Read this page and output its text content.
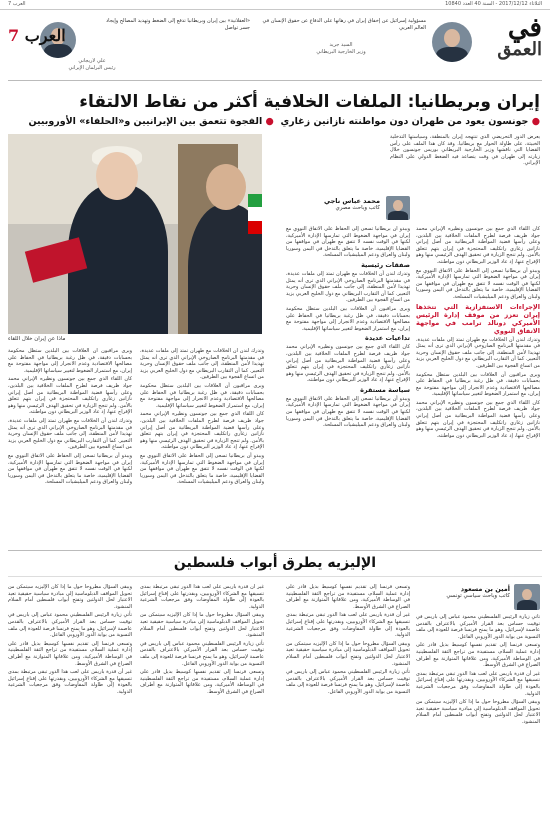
الثلاثاء 2017/12/12 - السنة 40 العدد 10840
العرب 7
في
العمق
مسؤولية إسرائيل عن إخفاق إيران في رهانها على الدفاع عن حقوق الإنسان في العالم العربي
السيد جريد
وزير الخارجية البريطاني
«العقلانية» بين إيران وبريطانيا تدفع إلى الضغط وتهديد المصالح وإيجاد جسر تواصل
علي لاريجاني
رئيس البرلمان الإيراني
العرب 7
إيران وبريطانيا: الملفات الخلافية أكثر من نقاط الالتقاء
● جونسون يعود من طهران دون مواطنته نازانين زغاري  ● الفجوة تتعمق بين الإيرانيين و«الحلفاء» الأوروبيين
ماذا عن إيران خلال اللقاء
يعرض الدور التحريضي الذي تنتهجه إيران بالمنطقة، وسياستها التدخلية الخبيثة، على طاولة الحوار مع بريطانيا. وقد كان هذا الملف على رأس القضايا التي ناقشها وزير الخارجية البريطاني بوريس جونسون خلال زيارته إلى طهران في وقت يتصاعد فيه الضغط الدولي على النظام الإيراني.
محمد عباس ناجي
كاتب وباحث مصري

كان اللقاء الذي جمع بين جونسون ونظيره الإيراني محمد جواد ظريف فرصة لطرح الملفات الخلافية بين البلدين، وعلى رأسها قضية المواطنة البريطانية من أصل إيراني نازانين زغاري راتكليف المحتجزة في إيران بتهم تتعلق بالأمن. ولم تنجح الزيارة في تحقيق الهدف الرئيسي منها وهو الإفراج عنها، إذ عاد الوزير البريطاني دون مواطنته.

ويبدو أن بريطانيا تسعى إلى الحفاظ على الاتفاق النووي مع إيران في مواجهة الضغوط التي تمارسها الإدارة الأميركية، لكنها في الوقت نفسه لا تتفق مع طهران في مواقفها من القضايا الإقليمية، خاصة ما يتعلق بالتدخل في اليمن وسوريا ولبنان والعراق ودعم الميليشيات المسلحة.

الإجراءات الاستفزازية التي تتخذها إيران تعزز من موقف إدارة الرئيس الأميركي دونالد ترامب في مواجهة الاتفاق النووي

وتدرك لندن أن الخلافات مع طهران تمتد إلى ملفات عديدة، في مقدمتها البرنامج الصاروخي الإيراني الذي ترى أنه يمثل تهديدا لأمن المنطقة، إلى جانب ملف حقوق الإنسان وحرية التعبير. كما أن التقارب البريطاني مع دول الخليج العربي يزيد من اتساع الفجوة بين الطرفين.

ويرى مراقبون أن العلاقات بين البلدين ستظل محكومة بحسابات دقيقة، في ظل رغبة بريطانيا في الحفاظ على مصالحها الاقتصادية وعدم الانجرار إلى مواجهة مفتوحة مع إيران، مع استمرار الضغوط لتغيير سياساتها الإقليمية.

كان اللقاء الذي جمع بين جونسون ونظيره الإيراني محمد جواد ظريف فرصة لطرح الملفات الخلافية بين البلدين، وعلى رأسها قضية المواطنة البريطانية من أصل إيراني نازانين زغاري راتكليف المحتجزة في إيران بتهم تتعلق بالأمن. ولم تنجح الزيارة في تحقيق الهدف الرئيسي منها وهو الإفراج عنها، إذ عاد الوزير البريطاني دون مواطنته.

ويبدو أن بريطانيا تسعى إلى الحفاظ على الاتفاق النووي مع إيران في مواجهة الضغوط التي تمارسها الإدارة الأميركية، لكنها في الوقت نفسه لا تتفق مع طهران في مواقفها من القضايا الإقليمية، خاصة ما يتعلق بالتدخل في اليمن وسوريا ولبنان والعراق ودعم الميليشيات المسلحة.

صفقات رئيسية

وتدرك لندن أن الخلافات مع طهران تمتد إلى ملفات عديدة، في مقدمتها البرنامج الصاروخي الإيراني الذي ترى أنه يمثل تهديدا لأمن المنطقة، إلى جانب ملف حقوق الإنسان وحرية التعبير. كما أن التقارب البريطاني مع دول الخليج العربي يزيد من اتساع الفجوة بين الطرفين.

ويرى مراقبون أن العلاقات بين البلدين ستظل محكومة بحسابات دقيقة، في ظل رغبة بريطانيا في الحفاظ على مصالحها الاقتصادية وعدم الانجرار إلى مواجهة مفتوحة مع إيران، مع استمرار الضغوط لتغيير سياساتها الإقليمية.

تداعيات عديدة

كان اللقاء الذي جمع بين جونسون ونظيره الإيراني محمد جواد ظريف فرصة لطرح الملفات الخلافية بين البلدين، وعلى رأسها قضية المواطنة البريطانية من أصل إيراني نازانين زغاري راتكليف المحتجزة في إيران بتهم تتعلق بالأمن. ولم تنجح الزيارة في تحقيق الهدف الرئيسي منها وهو الإفراج عنها، إذ عاد الوزير البريطاني دون مواطنته.

سياسة مستقرة

ويبدو أن بريطانيا تسعى إلى الحفاظ على الاتفاق النووي مع إيران في مواجهة الضغوط التي تمارسها الإدارة الأميركية، لكنها في الوقت نفسه لا تتفق مع طهران في مواقفها من القضايا الإقليمية، خاصة ما يتعلق بالتدخل في اليمن وسوريا ولبنان والعراق ودعم الميليشيات المسلحة.

وتدرك لندن أن الخلافات مع طهران تمتد إلى ملفات عديدة، في مقدمتها البرنامج الصاروخي الإيراني الذي ترى أنه يمثل تهديدا لأمن المنطقة، إلى جانب ملف حقوق الإنسان وحرية التعبير. كما أن التقارب البريطاني مع دول الخليج العربي يزيد من اتساع الفجوة بين الطرفين.

ويرى مراقبون أن العلاقات بين البلدين ستظل محكومة بحسابات دقيقة، في ظل رغبة بريطانيا في الحفاظ على مصالحها الاقتصادية وعدم الانجرار إلى مواجهة مفتوحة مع إيران، مع استمرار الضغوط لتغيير سياساتها الإقليمية.

كان اللقاء الذي جمع بين جونسون ونظيره الإيراني محمد جواد ظريف فرصة لطرح الملفات الخلافية بين البلدين، وعلى رأسها قضية المواطنة البريطانية من أصل إيراني نازانين زغاري راتكليف المحتجزة في إيران بتهم تتعلق بالأمن. ولم تنجح الزيارة في تحقيق الهدف الرئيسي منها وهو الإفراج عنها، إذ عاد الوزير البريطاني دون مواطنته.

ويبدو أن بريطانيا تسعى إلى الحفاظ على الاتفاق النووي مع إيران في مواجهة الضغوط التي تمارسها الإدارة الأميركية، لكنها في الوقت نفسه لا تتفق مع طهران في مواقفها من القضايا الإقليمية، خاصة ما يتعلق بالتدخل في اليمن وسوريا ولبنان والعراق ودعم الميليشيات المسلحة.

ويرى مراقبون أن العلاقات بين البلدين ستظل محكومة بحسابات دقيقة، في ظل رغبة بريطانيا في الحفاظ على مصالحها الاقتصادية وعدم الانجرار إلى مواجهة مفتوحة مع إيران، مع استمرار الضغوط لتغيير سياساتها الإقليمية.

كان اللقاء الذي جمع بين جونسون ونظيره الإيراني محمد جواد ظريف فرصة لطرح الملفات الخلافية بين البلدين، وعلى رأسها قضية المواطنة البريطانية من أصل إيراني نازانين زغاري راتكليف المحتجزة في إيران بتهم تتعلق بالأمن. ولم تنجح الزيارة في تحقيق الهدف الرئيسي منها وهو الإفراج عنها، إذ عاد الوزير البريطاني دون مواطنته.

وتدرك لندن أن الخلافات مع طهران تمتد إلى ملفات عديدة، في مقدمتها البرنامج الصاروخي الإيراني الذي ترى أنه يمثل تهديدا لأمن المنطقة، إلى جانب ملف حقوق الإنسان وحرية التعبير. كما أن التقارب البريطاني مع دول الخليج العربي يزيد من اتساع الفجوة بين الطرفين.

ويبدو أن بريطانيا تسعى إلى الحفاظ على الاتفاق النووي مع إيران في مواجهة الضغوط التي تمارسها الإدارة الأميركية، لكنها في الوقت نفسه لا تتفق مع طهران في مواقفها من القضايا الإقليمية، خاصة ما يتعلق بالتدخل في اليمن وسوريا ولبنان والعراق ودعم الميليشيات المسلحة.

الإليزيه يطرق أبواب فلسطين
أمين بن مسعود
كاتب وباحث سياسي تونسي

تأتي زيارة الرئيس الفلسطيني محمود عباس إلى باريس في توقيت حساس بعد القرار الأميركي بالاعتراف بالقدس عاصمة لإسرائيل، وهو ما يمنح فرنسا فرصة للعودة إلى ملف التسوية من بوابة الدور الأوروبي الفاعل.

وتسعى فرنسا إلى تقديم نفسها كوسيط بديل قادر على إدارة عملية السلام، مستفيدة من تراجع الثقة الفلسطينية في الوساطة الأميركية، ومن علاقاتها المتوازنة مع أطراف الصراع في الشرق الأوسط.

غير أن قدرة باريس على لعب هذا الدور تبقى مرتبطة بمدى تنسيقها مع الشركاء الأوروبيين، وبقدرتها على إقناع إسرائيل بالعودة إلى طاولة المفاوضات وفق مرجعيات الشرعية الدولية.

ويبقى السؤال مطروحا حول ما إذا كان الإليزيه سيتمكن من تحويل المواقف الدبلوماسية إلى مبادرة سياسية حقيقية تعيد الاعتبار لحل الدولتين وتفتح أبواب فلسطين أمام السلام المنشود.

وتسعى فرنسا إلى تقديم نفسها كوسيط بديل قادر على إدارة عملية السلام، مستفيدة من تراجع الثقة الفلسطينية في الوساطة الأميركية، ومن علاقاتها المتوازنة مع أطراف الصراع في الشرق الأوسط.

غير أن قدرة باريس على لعب هذا الدور تبقى مرتبطة بمدى تنسيقها مع الشركاء الأوروبيين، وبقدرتها على إقناع إسرائيل بالعودة إلى طاولة المفاوضات وفق مرجعيات الشرعية الدولية.

ويبقى السؤال مطروحا حول ما إذا كان الإليزيه سيتمكن من تحويل المواقف الدبلوماسية إلى مبادرة سياسية حقيقية تعيد الاعتبار لحل الدولتين وتفتح أبواب فلسطين أمام السلام المنشود.

تأتي زيارة الرئيس الفلسطيني محمود عباس إلى باريس في توقيت حساس بعد القرار الأميركي بالاعتراف بالقدس عاصمة لإسرائيل، وهو ما يمنح فرنسا فرصة للعودة إلى ملف التسوية من بوابة الدور الأوروبي الفاعل.

غير أن قدرة باريس على لعب هذا الدور تبقى مرتبطة بمدى تنسيقها مع الشركاء الأوروبيين، وبقدرتها على إقناع إسرائيل بالعودة إلى طاولة المفاوضات وفق مرجعيات الشرعية الدولية.

ويبقى السؤال مطروحا حول ما إذا كان الإليزيه سيتمكن من تحويل المواقف الدبلوماسية إلى مبادرة سياسية حقيقية تعيد الاعتبار لحل الدولتين وتفتح أبواب فلسطين أمام السلام المنشود.

تأتي زيارة الرئيس الفلسطيني محمود عباس إلى باريس في توقيت حساس بعد القرار الأميركي بالاعتراف بالقدس عاصمة لإسرائيل، وهو ما يمنح فرنسا فرصة للعودة إلى ملف التسوية من بوابة الدور الأوروبي الفاعل.

وتسعى فرنسا إلى تقديم نفسها كوسيط بديل قادر على إدارة عملية السلام، مستفيدة من تراجع الثقة الفلسطينية في الوساطة الأميركية، ومن علاقاتها المتوازنة مع أطراف الصراع في الشرق الأوسط.

ويبقى السؤال مطروحا حول ما إذا كان الإليزيه سيتمكن من تحويل المواقف الدبلوماسية إلى مبادرة سياسية حقيقية تعيد الاعتبار لحل الدولتين وتفتح أبواب فلسطين أمام السلام المنشود.

تأتي زيارة الرئيس الفلسطيني محمود عباس إلى باريس في توقيت حساس بعد القرار الأميركي بالاعتراف بالقدس عاصمة لإسرائيل، وهو ما يمنح فرنسا فرصة للعودة إلى ملف التسوية من بوابة الدور الأوروبي الفاعل.

وتسعى فرنسا إلى تقديم نفسها كوسيط بديل قادر على إدارة عملية السلام، مستفيدة من تراجع الثقة الفلسطينية في الوساطة الأميركية، ومن علاقاتها المتوازنة مع أطراف الصراع في الشرق الأوسط.

غير أن قدرة باريس على لعب هذا الدور تبقى مرتبطة بمدى تنسيقها مع الشركاء الأوروبيين، وبقدرتها على إقناع إسرائيل بالعودة إلى طاولة المفاوضات وفق مرجعيات الشرعية الدولية.
